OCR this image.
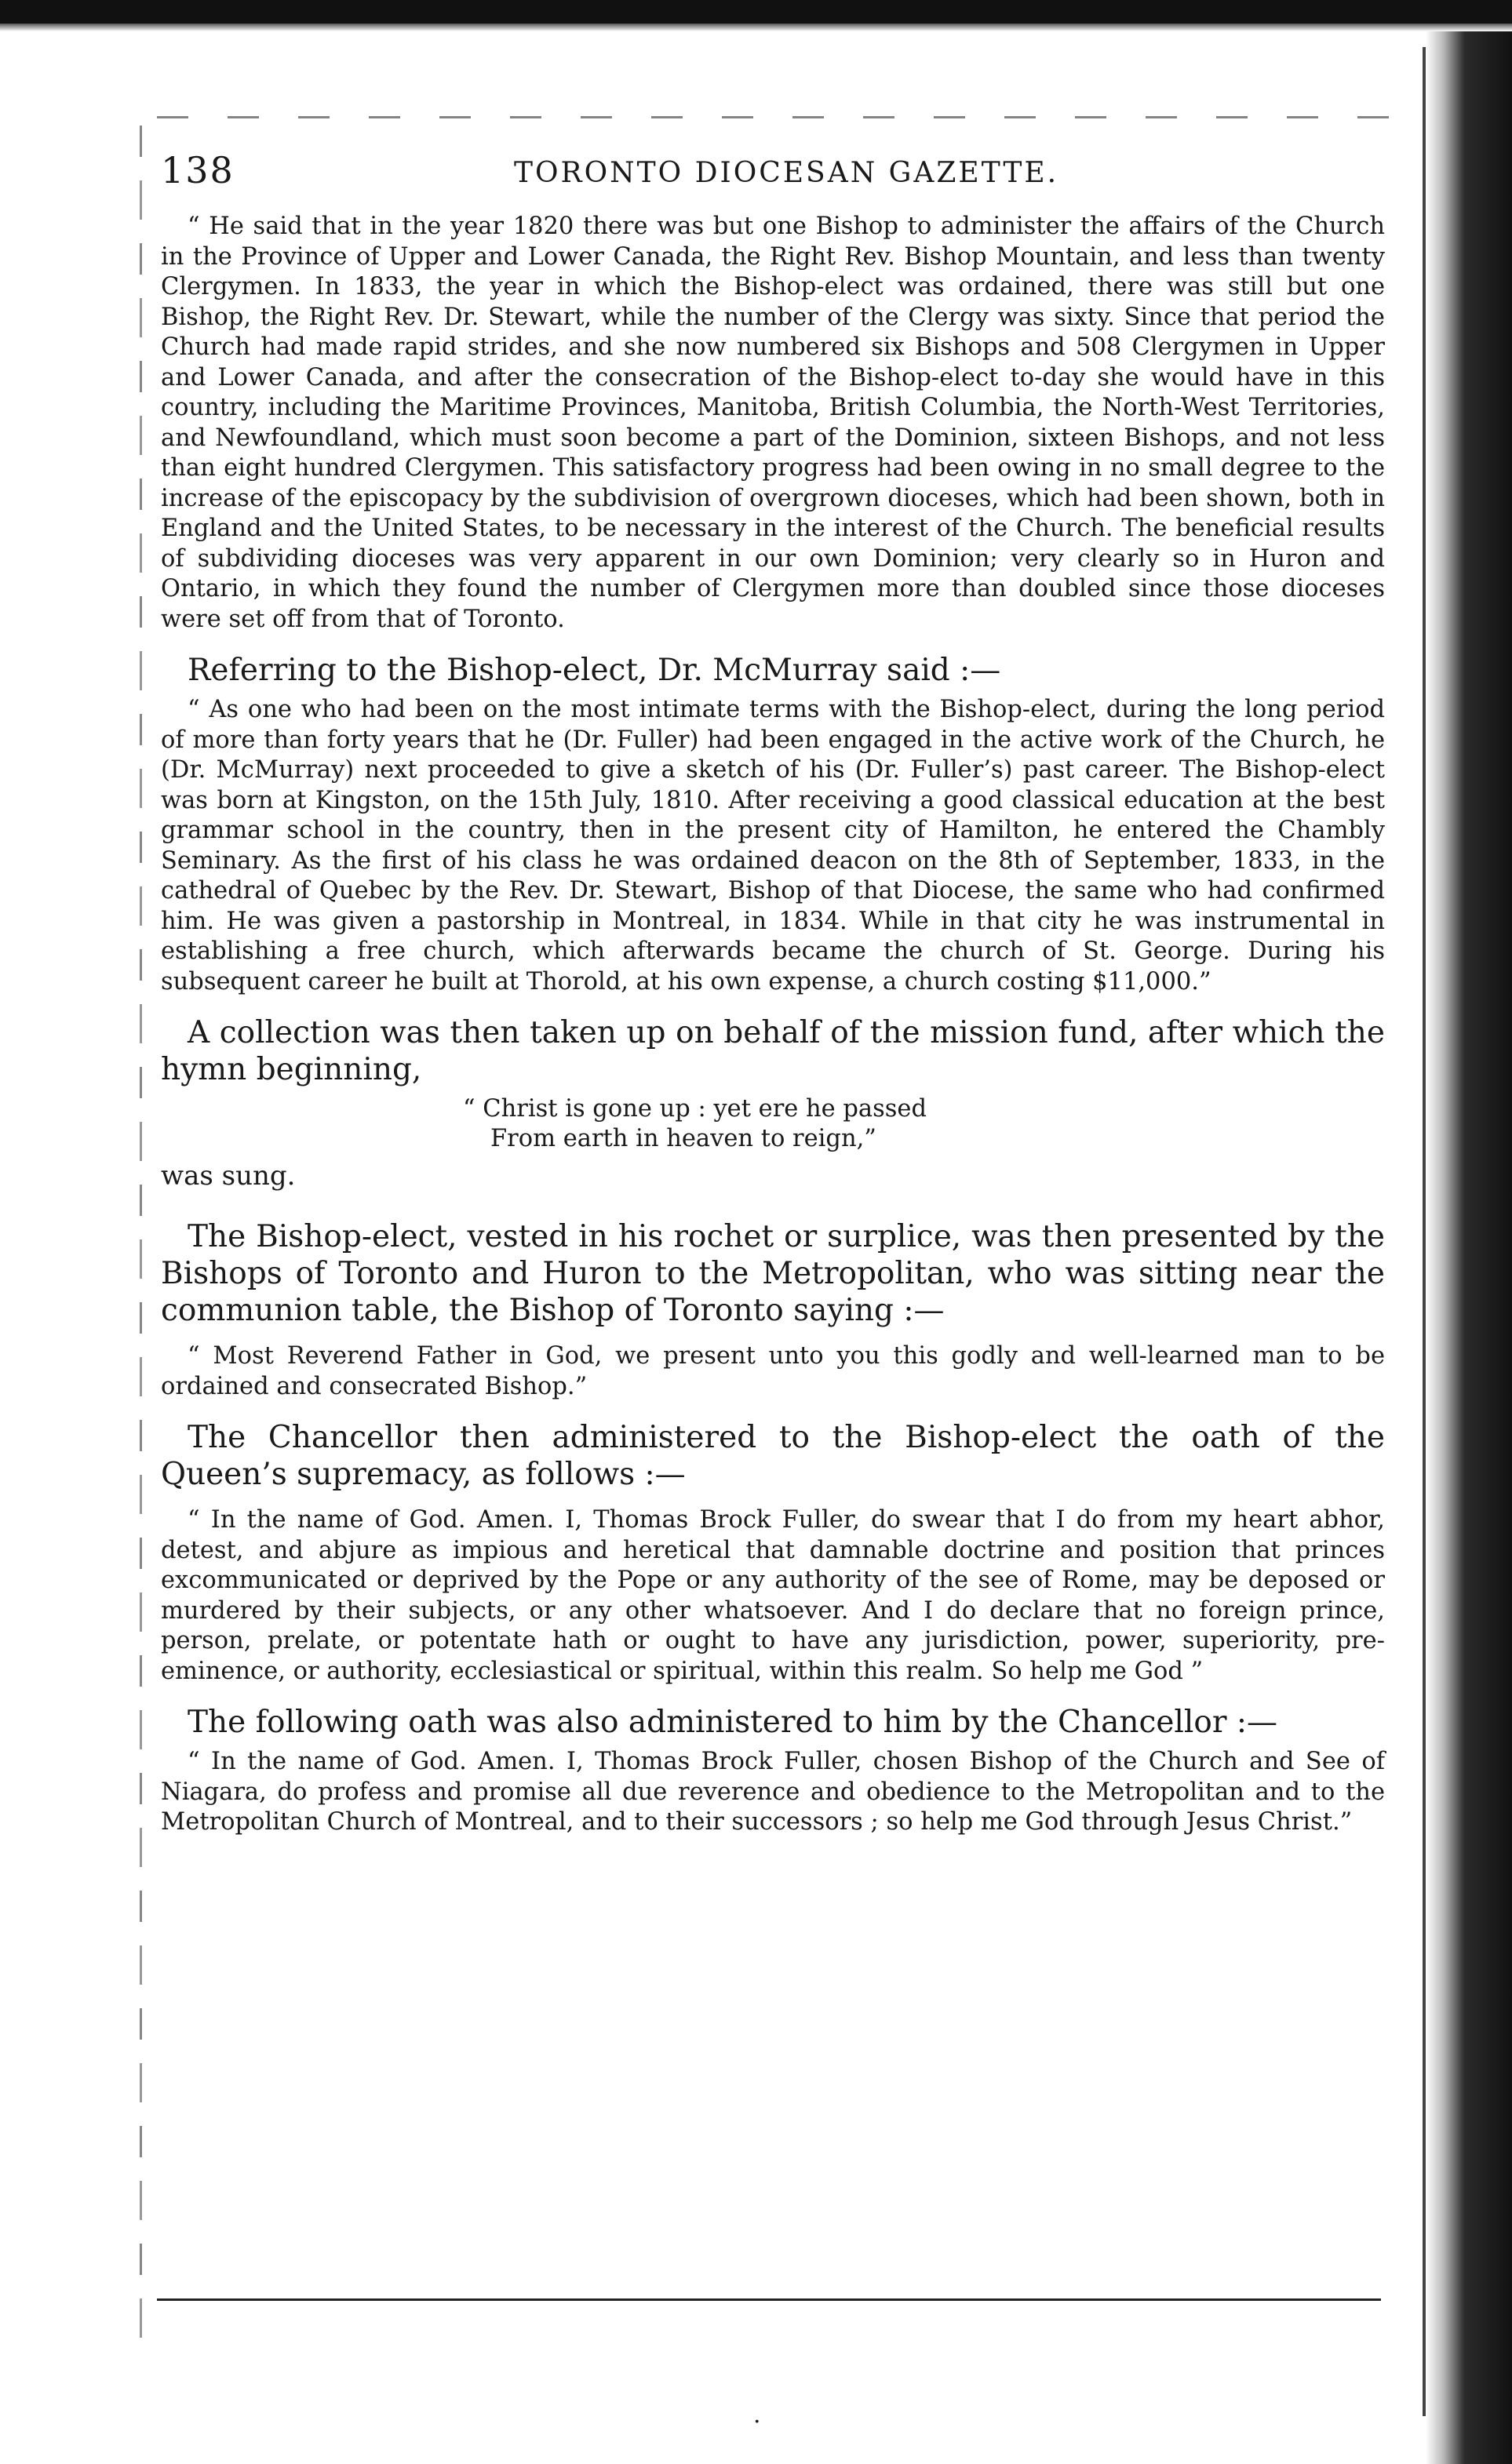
138	TORONTO DIOCESAN GAZETTE.

“ He said that in the year 1820 there was but one Bishop to administer the affairs of the Church in the Province of Upper and Lower Canada, the Right Rev. Bishop Mountain, and less than twenty Clergymen. In 1833, the year in which the Bishop-elect was ordained, there was still but one Bishop, the Right Rev. Dr. Stewart, while the number of the Clergy was sixty. Since that period the Church had made rapid strides, and she now numbered six Bishops and 508 Clergymen in Upper and Lower Canada, and after the consecration of the Bishop-elect to-day she would have in this country, including the Maritime Provinces, Manitoba, British Columbia, the North-West Territories, and Newfoundland, which must soon become a part of the Dominion, sixteen Bishops, and not less than eight hundred Clergymen. This satisfactory progress had been owing in no small degree to the increase of the episcopacy by the subdivision of overgrown dioceses, which had been shown, both in England and the United States, to be necessary in the interest of the Church. The beneficial results of subdividing dioceses was very apparent in our own Dominion; very clearly so in Huron and Ontario, in which they found the number of Clergymen more than doubled since those dioceses were set off from that of Toronto.

Referring to the Bishop-elect, Dr. McMurray said :—

“ As one who had been on the most intimate terms with the Bishop-elect, during the long period of more than forty years that he (Dr. Fuller) had been engaged in the active work of the Church, he (Dr. McMurray) next proceeded to give a sketch of his (Dr. Fuller’s) past career. The Bishop-elect was born at Kingston, on the 15th July, 1810. After receiving a good classical education at the best grammar school in the country, then in the present city of Hamilton, he entered the Chambly Seminary. As the first of his class he was ordained deacon on the 8th of September, 1833, in the cathedral of Quebec by the Rev. Dr. Stewart, Bishop of that Diocese, the same who had confirmed him. He was given a pastorship in Montreal, in 1834. While in that city he was instrumental in establishing a free church, which afterwards became the church of St. George. During his subsequent career he built at Thorold, at his own expense, a church costing $11,000.”

A collection was then taken up on behalf of the mission fund, after which the hymn beginning,

“ Christ is gone up : yet ere he passed

From earth in heaven to reign,”

was sung.

The Bishop-elect, vested in his rochet or surplice, was then presented by the Bishops of Toronto and Huron to the Metropolitan, who was sitting near the communion table, the Bishop of Toronto saying :—

“ Most Reverend Father in God, we present unto you this godly and well-learned man to be ordained and consecrated Bishop.”

The Chancellor then administered to the Bishop-elect the oath of the Queen’s supremacy, as follows :—

“ In the name of God. Amen. I, Thomas Brock Fuller, do swear that I do from my heart abhor, detest, and abjure as impious and heretical that damnable doctrine and position that princes excommunicated or deprived by the Pope or any authority of the see of Rome, may be deposed or murdered by their subjects, or any other whatsoever. And I do declare that no foreign prince, person, prelate, or potentate hath or ought to have any jurisdiction, power, superiority, pre-eminence, or authority, ecclesiastical or spiritual, within this realm. So help me God ”

The following oath was also administered to him by the Chancellor :—

“ In the name of God. Amen. I, Thomas Brock Fuller, chosen Bishop of the Church and See of Niagara, do profess and promise all due reverence and obedience to the Metropolitan and to the Metropolitan Church of Montreal, and to their successors ; so help me God through Jesus Christ.”

·
